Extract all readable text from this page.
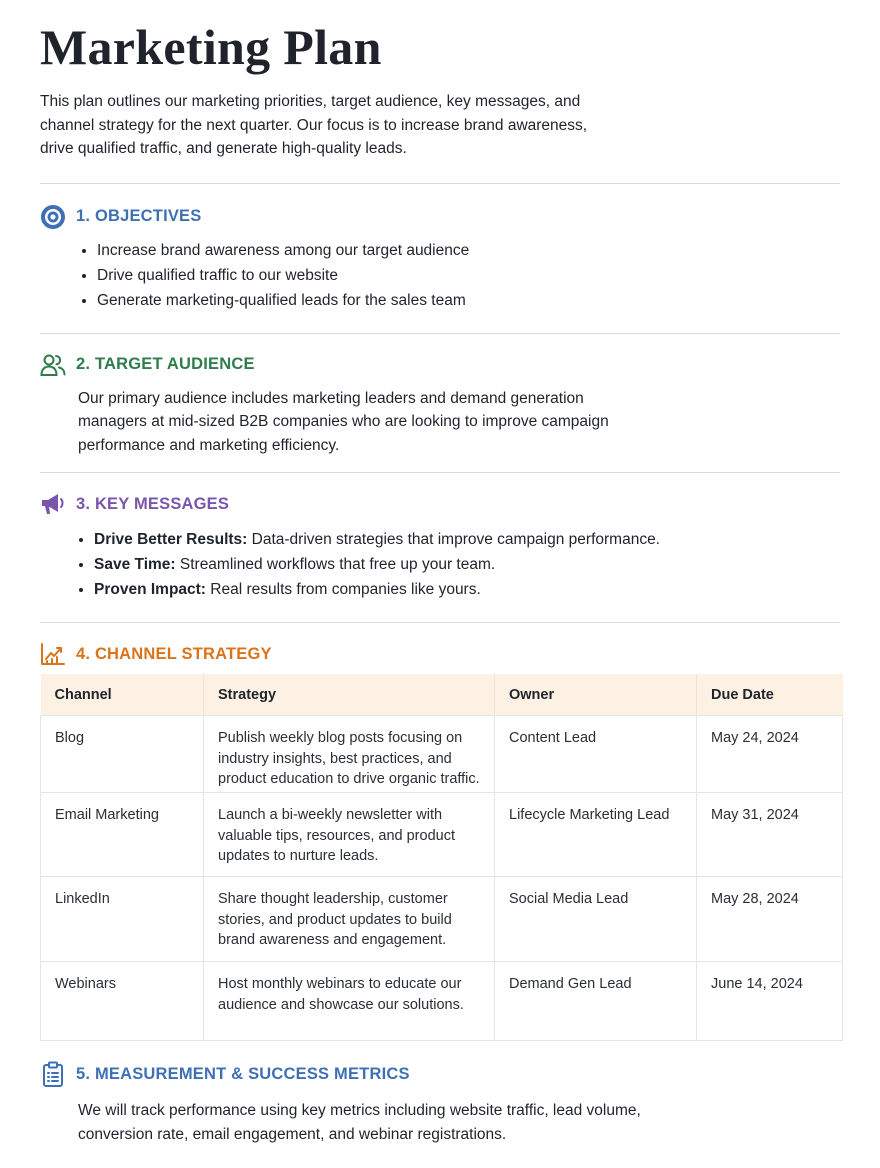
Marketing Plan

This plan outlines our marketing priorities, target audience, key messages, and channel strategy for the next quarter. Our focus is to increase brand awareness, drive qualified traffic, and generate high-quality leads.

1. OBJECTIVES
• Increase brand awareness among our target audience
• Drive qualified traffic to our website
• Generate marketing-qualified leads for the sales team
2. TARGET AUDIENCE

Our primary audience includes marketing leaders and demand generation managers at mid-sized B2B companies who are looking to improve campaign performance and marketing efficiency.

3. KEY MESSAGES
• Drive Better Results: Data-driven strategies that improve campaign performance.
• Save Time: Streamlined workflows that free up your team.
• Proven Impact: Real results from companies like yours.
4. CHANNEL STRATEGY
Channel	Strategy	Owner	Due Date
Blog	Publish weekly blog posts focusing on industry insights, best practices, and product education to drive organic traffic.	Content Lead	May 24, 2024
Email Marketing	Launch a bi-weekly newsletter with valuable tips, resources, and product updates to nurture leads.	Lifecycle Marketing Lead	May 31, 2024
LinkedIn	Share thought leadership, customer stories, and product updates to build brand awareness and engagement.	Social Media Lead	May 28, 2024
Webinars	Host monthly webinars to educate our audience and showcase our solutions.	Demand Gen Lead	June 14, 2024
5. MEASUREMENT & SUCCESS METRICS

We will track performance using key metrics including website traffic, lead volume, conversion rate, email engagement, and webinar registrations.
